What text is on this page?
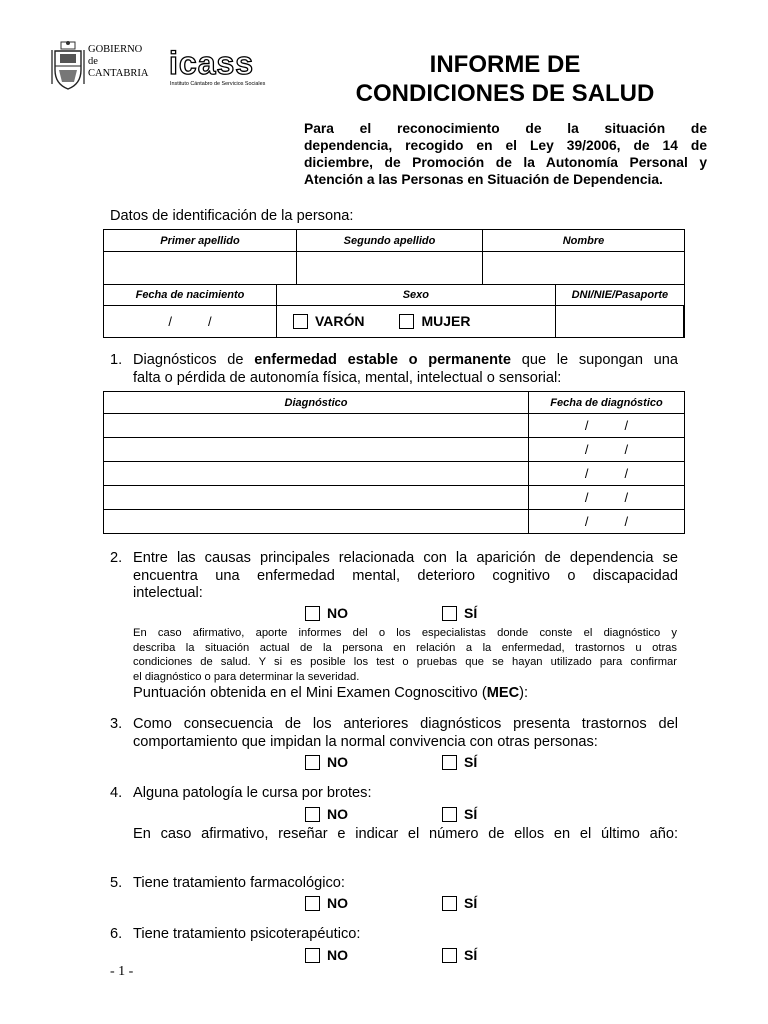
GOBIERNO
de
CANTABRIA icass
Instituto Cántabro de Servicios Sociales
INFORME DE
CONDICIONES DE SALUD
Para el reconocimiento de la situación de
dependencia, recogido en el Ley 39/2006, de 14 de
diciembre, de Promoción de la Autonomía Personal y
Atención a las Personas en Situación de Dependencia.
Datos de identificación de la persona:
Primer apellido	Segundo apellido	Nombre

Fecha de nacimiento	Sexo	DNI/NIE/Pasaporte	
/          /	VARÓN MUJER		
1. Diagnósticos de enfermedad estable o permanente que le supongan una
falta o pérdida de autonomía física, mental, intelectual o sensorial:
Diagnóstico	Fecha de diagnóstico
	/          /
	/          /
	/          /
	/          /
	/          /
2. Entre las causas principales relacionada con la aparición de dependencia se
encuentra una enfermedad mental, deterioro cognitivo o discapacidad
intelectual:
NO	SÍ
En caso afirmativo, aporte informes del o los especialistas donde conste el diagnóstico y
describa la situación actual de la persona en relación a la enfermedad, trastornos u otras
condiciones de salud. Y si es posible los test o pruebas que se hayan utilizado para confirmar
el diagnóstico o para determinar la severidad.
Puntuación obtenida en el Mini Examen Cognoscitivo (MEC):
3. Como consecuencia de los anteriores diagnósticos presenta trastornos del
comportamiento que impidan la normal convivencia con otras personas:
NO	SÍ
4. Alguna patología le cursa por brotes:
NO	SÍ
En caso afirmativo, reseñar e indicar el número de ellos en el último año:
5. Tiene tratamiento farmacológico:
NO	SÍ
6. Tiene tratamiento psicoterapéutico:
NO	SÍ
- 1 -
